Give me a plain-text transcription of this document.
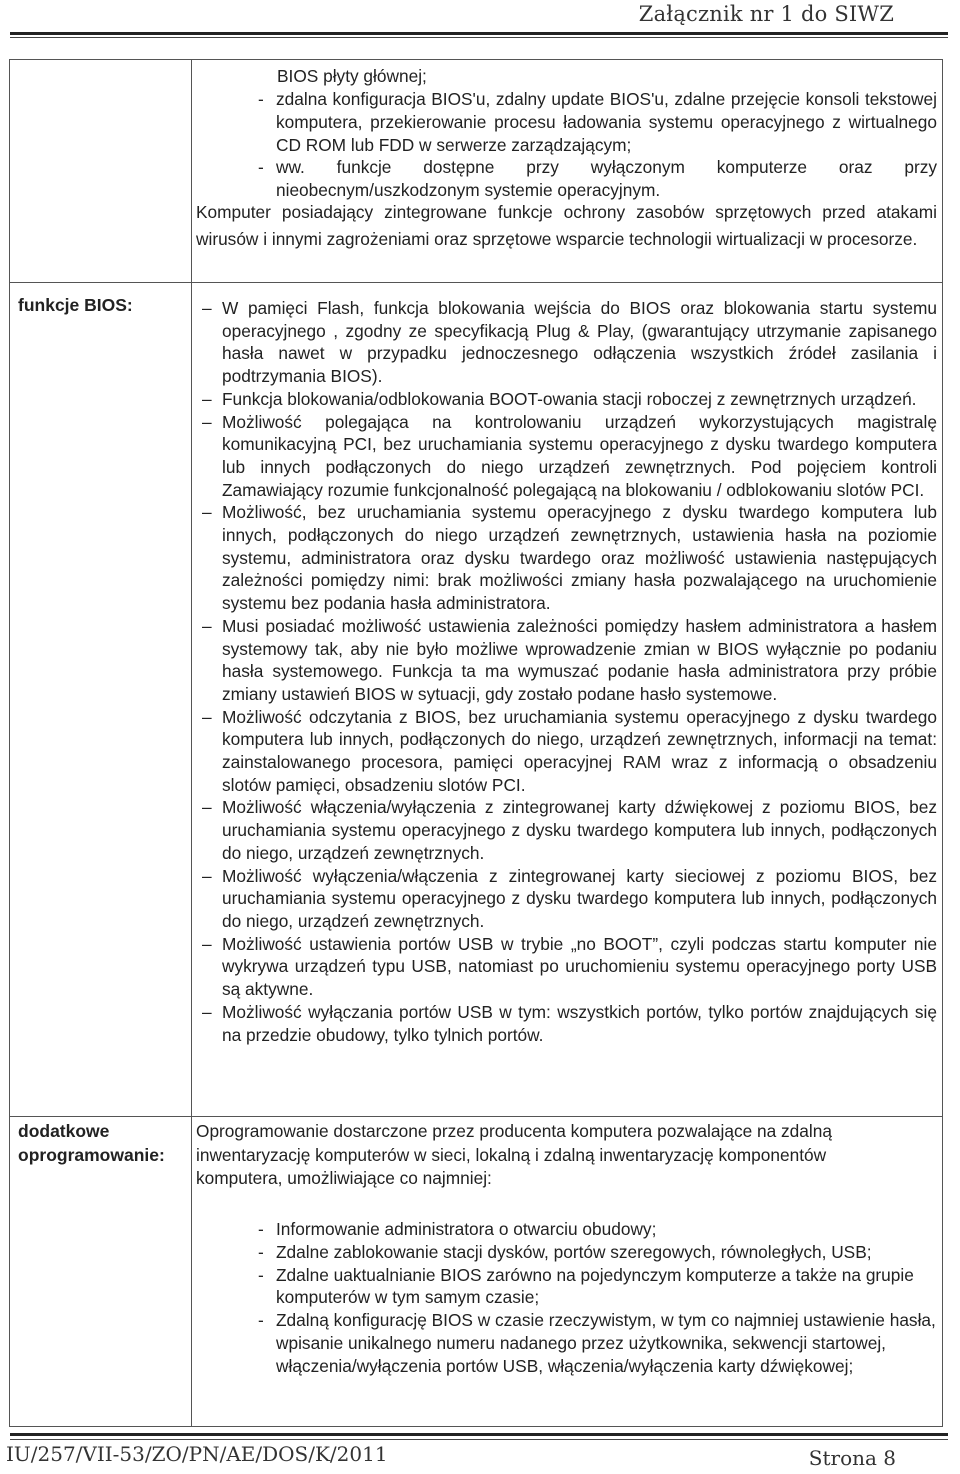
Załącznik nr 1 do SIWZ
BIOS płyty głównej;
- zdalna konfiguracja BIOS'u, zdalny update BIOS'u, zdalne przejęcie konsoli tekstowej komputera, przekierowanie procesu ładowania systemu operacyjnego z wirtualnego CD ROM lub FDD w serwerze zarządzającym;
- ww. funkcje dostępne przy wyłączonym komputerze oraz przy nieobecnym/uszkodzonym systemie operacyjnym.

Komputer posiadający zintegrowane funkcje ochrony zasobów sprzętowych przed atakami wirusów i innymi zagrożeniami oraz sprzętowe wsparcie technologii wirtualizacji w procesorze.

funkcje BIOS:
–	W pamięci Flash, funkcja blokowania wejścia do BIOS oraz blokowania startu systemu operacyjnego , zgodny ze specyfikacją Plug & Play, (gwarantujący utrzymanie zapisanego hasła nawet w przypadku jednoczesnego odłączenia wszystkich źródeł zasilania i podtrzymania BIOS).
– Funkcja blokowania/odblokowania BOOT-owania stacji roboczej z zewnętrznych urządzeń.
– Możliwość polegająca na kontrolowaniu urządzeń wykorzystujących magistralę komunikacyjną PCI, bez uruchamiania systemu operacyjnego z dysku twardego komputera lub innych podłączonych do niego urządzeń zewnętrznych. Pod pojęciem kontroli Zamawiający rozumie funkcjonalność polegającą na blokowaniu / odblokowaniu slotów PCI.
– Możliwość, bez uruchamiania systemu operacyjnego z dysku twardego komputera lub innych, podłączonych do niego urządzeń zewnętrznych, ustawienia hasła na poziomie systemu, administratora oraz dysku twardego oraz możliwość ustawienia następujących zależności pomiędzy nimi: brak możliwości zmiany hasła pozwalającego na uruchomienie systemu bez podania hasła administratora.
– Musi posiadać możliwość ustawienia zależności pomiędzy hasłem administratora a hasłem systemowy tak, aby nie było możliwe wprowadzenie zmian w BIOS wyłącznie po podaniu hasła systemowego. Funkcja ta ma wymuszać podanie hasła administratora przy próbie zmiany ustawień BIOS w sytuacji, gdy zostało podane hasło systemowe.
– Możliwość odczytania z BIOS, bez uruchamiania systemu operacyjnego z dysku twardego komputera lub innych, podłączonych do niego, urządzeń zewnętrznych, informacji na temat: zainstalowanego procesora, pamięci operacyjnej RAM wraz z informacją o obsadzeniu slotów pamięci, obsadzeniu slotów PCI.
– Możliwość włączenia/wyłączenia z zintegrowanej karty dźwiękowej z poziomu BIOS, bez uruchamiania systemu operacyjnego z dysku twardego komputera lub innych, podłączonych do niego, urządzeń zewnętrznych.
– Możliwość wyłączenia/włączenia z zintegrowanej karty sieciowej z poziomu BIOS, bez uruchamiania systemu operacyjnego z dysku twardego komputera lub innych, podłączonych do niego, urządzeń zewnętrznych.
– Możliwość ustawienia portów USB w trybie „no BOOT”, czyli podczas startu komputer nie wykrywa urządzeń typu USB, natomiast po uruchomieniu systemu operacyjnego porty USB są aktywne.
– Możliwość wyłączania portów USB w tym: wszystkich portów, tylko portów znajdujących się na przedzie obudowy, tylko tylnich portów.
dodatkowe
oprogramowanie:

Oprogramowanie dostarczone przez producenta komputera pozwalające na zdalną inwentaryzację komputerów w sieci, lokalną i zdalną inwentaryzację komponentów komputera, umożliwiające co najmniej:

- Informowanie administratora o otwarciu obudowy;
- Zdalne zablokowanie stacji dysków, portów szeregowych, równoległych, USB;
- Zdalne uaktualnianie BIOS zarówno na pojedynczym komputerze a także na grupie komputerów w tym samym czasie;
- Zdalną konfigurację BIOS w czasie rzeczywistym, w tym co najmniej ustawienie hasła, wpisanie unikalnego numeru nadanego przez użytkownika, sekwencji startowej, włączenia/wyłączenia portów USB, włączenia/wyłączenia karty dźwiękowej;
IU/257/VII-53/ZO/PN/AE/DOS/K/2011	Strona 8
